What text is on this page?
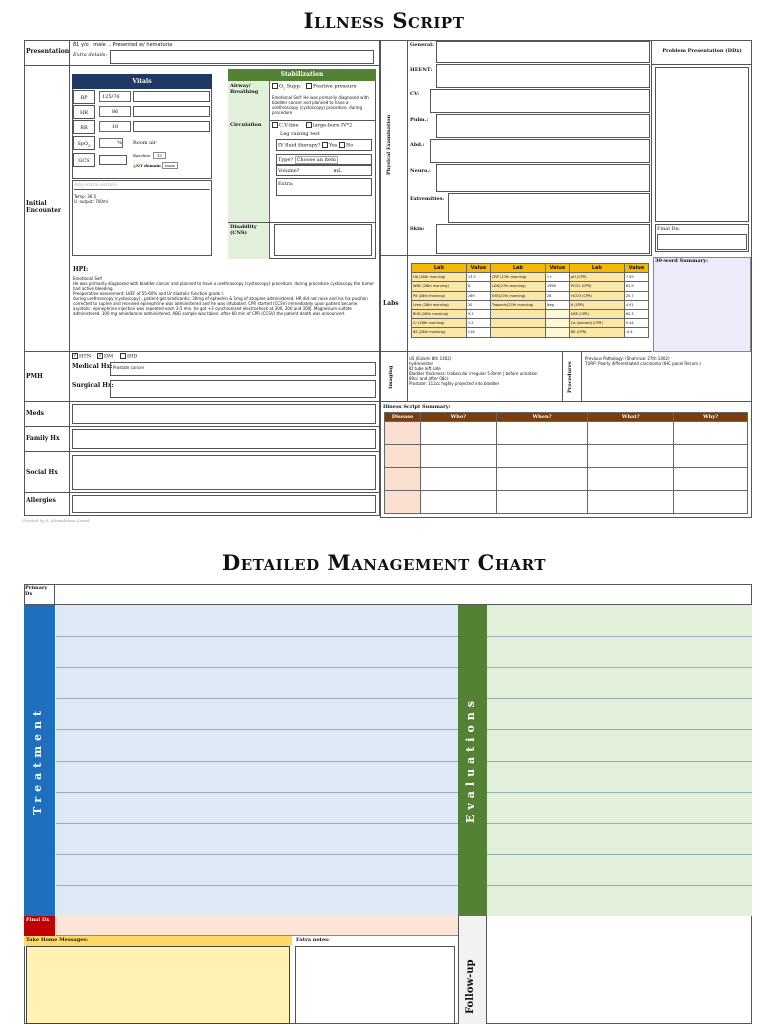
Illness Script
Presentation
81 y/o male , Presented w/ hematuria
Extra details:
Initial Encounter
Vitals
BP	125/76
HR	86
RR	18
SpO$_2$	% Room air
GCS
Baseline: 15
▲NT domain none
Any extra details
Temp: 36.5
U. output: 700ml
Stabilization
Airway/ Breathing
$O_2$ Supp.	Positive pressure
Emotional Self: He was primarily diagnosed with bladder cancer and planned to have a urethroscopy (cystoscopy) procedure, during procedure
Circulation	C.V-line	large-bore IV*2
Leg raising test
IV fluid therapy? Yes No
Type? Choose an item
Volume?	mL
Extra:
Disability (CNS)
HPI:
Emotional Self
He was primarily diagnosed with bladder cancer and planned to have a urethroscopy (cystoscopy) procedure. during procedure cystoscopy the tumor had active bleeding.
Preoperative assessment: LVEF of 55-60% and LV diastolic function grade I.
during urethroscopy (cystoscopy) , patient got bradicardic, 30mg of ephedrin & 1mg of atropine administered. HR did not raise and his his position corrected to supine and received epinephrine was administered and he was intubated. CPR started (CCSV) immediately upon patient became asystolic. epinephrine injection was repeated each 3-5 min. he got +3 synchronized electroshock at 300, 200 and 300J. Magnesium sulfate administered. 100 mg amiodarone administered. ABG sample was taken. after 60 min of CPR (CCSV) the patient death was announced.
PMH
✓ HTN ✓ DM	IHD
Medical Hx: Prostate cancer
Surgical Hx:
Meds
Family Hx
Social Hx
Allergies
Created by S. Ahmadinasa Saeed
Physical Examination
General:
HEENT:
CV:
Pulm.:
Abd.:
Neuro.:
Extremities:
Skin:
Problem Presentation (DDx)
Final Dx:
30-word Summary:
Labs
Lab	Value	Lab	Value	Lab	Value
Hb (28th morning)	13.3	CRP (27th morning)	1+	pH (CPR)	7.09
WBC (28th morning)	6	LDH(27th morning)	1958	PCO2 (CPR)	61.9
Plt (28th morning)	269	ESR(27th morning)	28	HCO3 (CPR)	25.7
Urea (28th morning)	20	Troponin(27th morning)	Neg	K (CPR)	4.91
BUN (28th morning)	9.3			NSE (CPR)	62.3
Cr (28th morning)	1.2			Ca (ionized) (CPR)	0.44
BS (28th morning)	116			BE (CPR)	-0.4
Imaging
US (Eslami 8th 1402)
hydronester
ID tube left side
Bladder thickness: trabecular irregular 5.8mm | before urination
89cc and after 08cc
Prostate: 112cc highly projected into bladder	Procedures
Previous Pathology: (Shahrivar 27th 1402)
TURP: Poorly differentiated carcinoma (IHC panel Recom.)
Illness Script Summary:
Disease	Who?	When?	What?	Why?

Detailed Management Chart
Primary Dx
Treatment	Evaluations
Final Dx
Take Home Messages:	Extra notes:
Follow-up
